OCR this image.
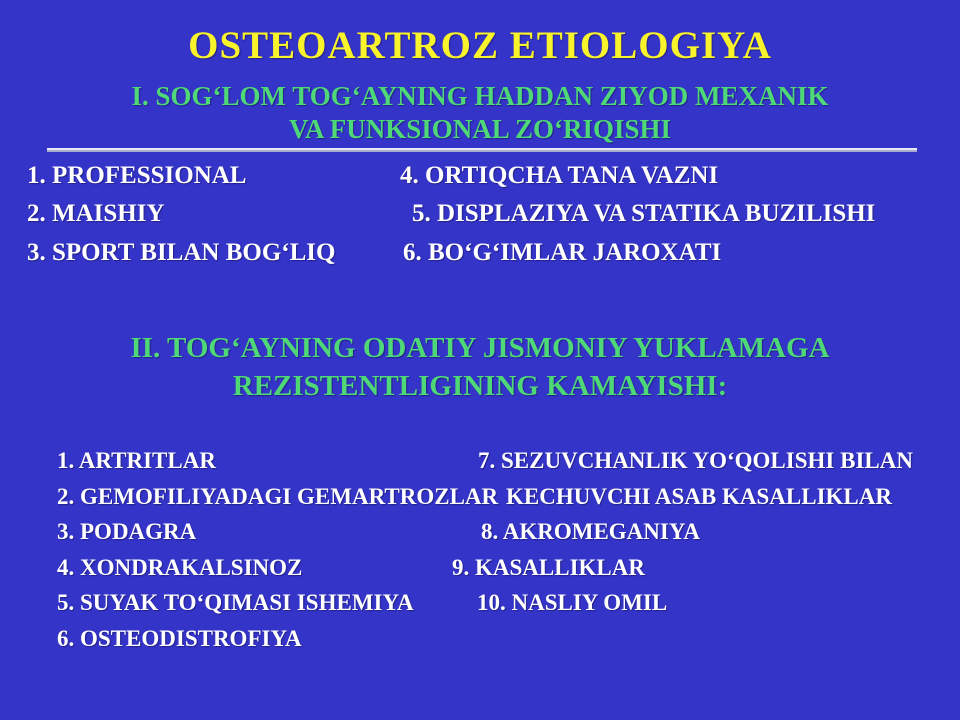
OSTEOARTROZ ETIOLOGIYA
I. SOG‘LOM TOG‘AYNING HADDAN ZIYOD MEXANIK
VA FUNKSIONAL ZO‘RIQISHI
1. PROFESSIONAL
2. MAISHIY
3. SPORT BILAN BOG‘LIQ
4. ORTIQCHA TANA VAZNI
5. DISPLAZIYA VA STATIKA BUZILISHI
6. BO‘G‘IMLAR JAROXATI
II. TOG‘AYNING ODATIY JISMONIY YUKLAMAGA
REZISTENTLIGINING KAMAYISHI:
1. ARTRITLAR
2. GEMOFILIYADAGI GEMARTROZLAR
3. PODAGRA
4. XONDRAKALSINOZ
5. SUYAK TO‘QIMASI ISHEMIYA
6. OSTEODISTROFIYA
7. SEZUVCHANLIK YO‘QOLISHI BILAN
KECHUVCHI ASAB KASALLIKLAR
8. AKROMEGANIYA
9. KASALLIKLAR
10. NASLIY OMIL
